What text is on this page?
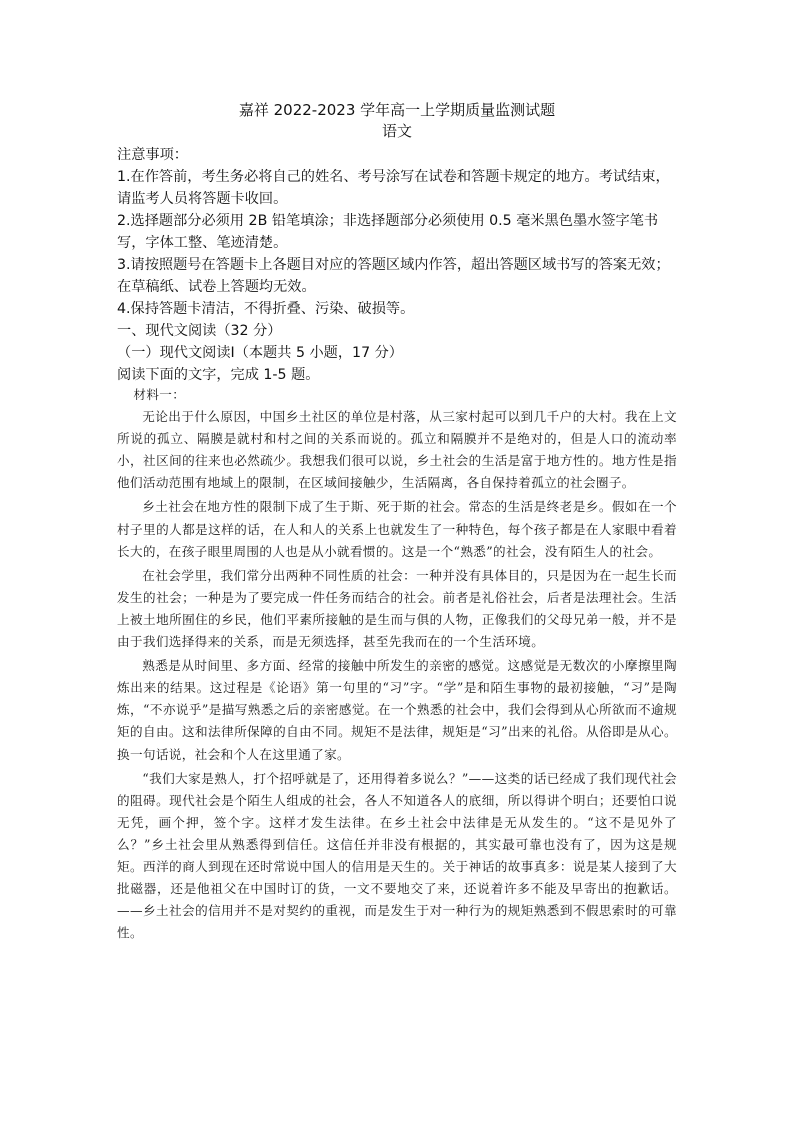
嘉祥 2022-2023 学年高一上学期质量监测试题
语文

注意事项：

1.在作答前，考生务必将自己的姓名、考号涂写在试卷和答题卡规定的地方。考试结束，请监考人员将答题卡收回。

2.选择题部分必须用 2B 铅笔填涂；非选择题部分必须使用 0.5 毫米黑色墨水签字笔书写，字体工整、笔迹清楚。

3.请按照题号在答题卡上各题目对应的答题区域内作答，超出答题区域书写的答案无效；在草稿纸、试卷上答题均无效。

4.保持答题卡清洁，不得折叠、污染、破损等。

一、现代文阅读（32 分）

（一）现代文阅读Ⅰ（本题共 5 小题，17 分）

阅读下面的文字，完成 1-5 题。

材料一：

无论出于什么原因，中国乡土社区的单位是村落，从三家村起可以到几千户的大村。我在上文所说的孤立、隔膜是就村和村之间的关系而说的。孤立和隔膜并不是绝对的，但是人口的流动率小，社区间的往来也必然疏少。我想我们很可以说，乡土社会的生活是富于地方性的。地方性是指他们活动范围有地域上的限制，在区域间接触少，生活隔离，各自保持着孤立的社会圈子。

乡土社会在地方性的限制下成了生于斯、死于斯的社会。常态的生活是终老是乡。假如在一个村子里的人都是这样的话，在人和人的关系上也就发生了一种特色，每个孩子都是在人家眼中看着长大的，在孩子眼里周围的人也是从小就看惯的。这是一个“熟悉”的社会，没有陌生人的社会。

在社会学里，我们常分出两种不同性质的社会：一种并没有具体目的，只是因为在一起生长而发生的社会；一种是为了要完成一件任务而结合的社会。前者是礼俗社会，后者是法理社会。生活上被土地所囿住的乡民，他们平素所接触的是生而与俱的人物，正像我们的父母兄弟一般，并不是由于我们选择得来的关系，而是无须选择，甚至先我而在的一个生活环境。

熟悉是从时间里、多方面、经常的接触中所发生的亲密的感觉。这感觉是无数次的小摩擦里陶炼出来的结果。这过程是《论语》第一句里的“习”字。“学”是和陌生事物的最初接触，“习”是陶炼，“不亦说乎”是描写熟悉之后的亲密感觉。在一个熟悉的社会中，我们会得到从心所欲而不逾规矩的自由。这和法律所保障的自由不同。规矩不是法律，规矩是“习”出来的礼俗。从俗即是从心。换一句话说，社会和个人在这里通了家。

“我们大家是熟人，打个招呼就是了，还用得着多说么？”——这类的话已经成了我们现代社会的阻碍。现代社会是个陌生人组成的社会，各人不知道各人的底细，所以得讲个明白；还要怕口说无凭，画个押，签个字。这样才发生法律。在乡土社会中法律是无从发生的。“这不是见外了么？”乡土社会里从熟悉得到信任。这信任并非没有根据的，其实最可靠也没有了，因为这是规矩。西洋的商人到现在还时常说中国人的信用是天生的。关于神话的故事真多：说是某人接到了大批磁器，还是他祖父在中国时订的货，一文不要地交了来，还说着许多不能及早寄出的抱歉话。——乡土社会的信用并不是对契约的重视，而是发生于对一种行为的规矩熟悉到不假思索时的可靠性。
